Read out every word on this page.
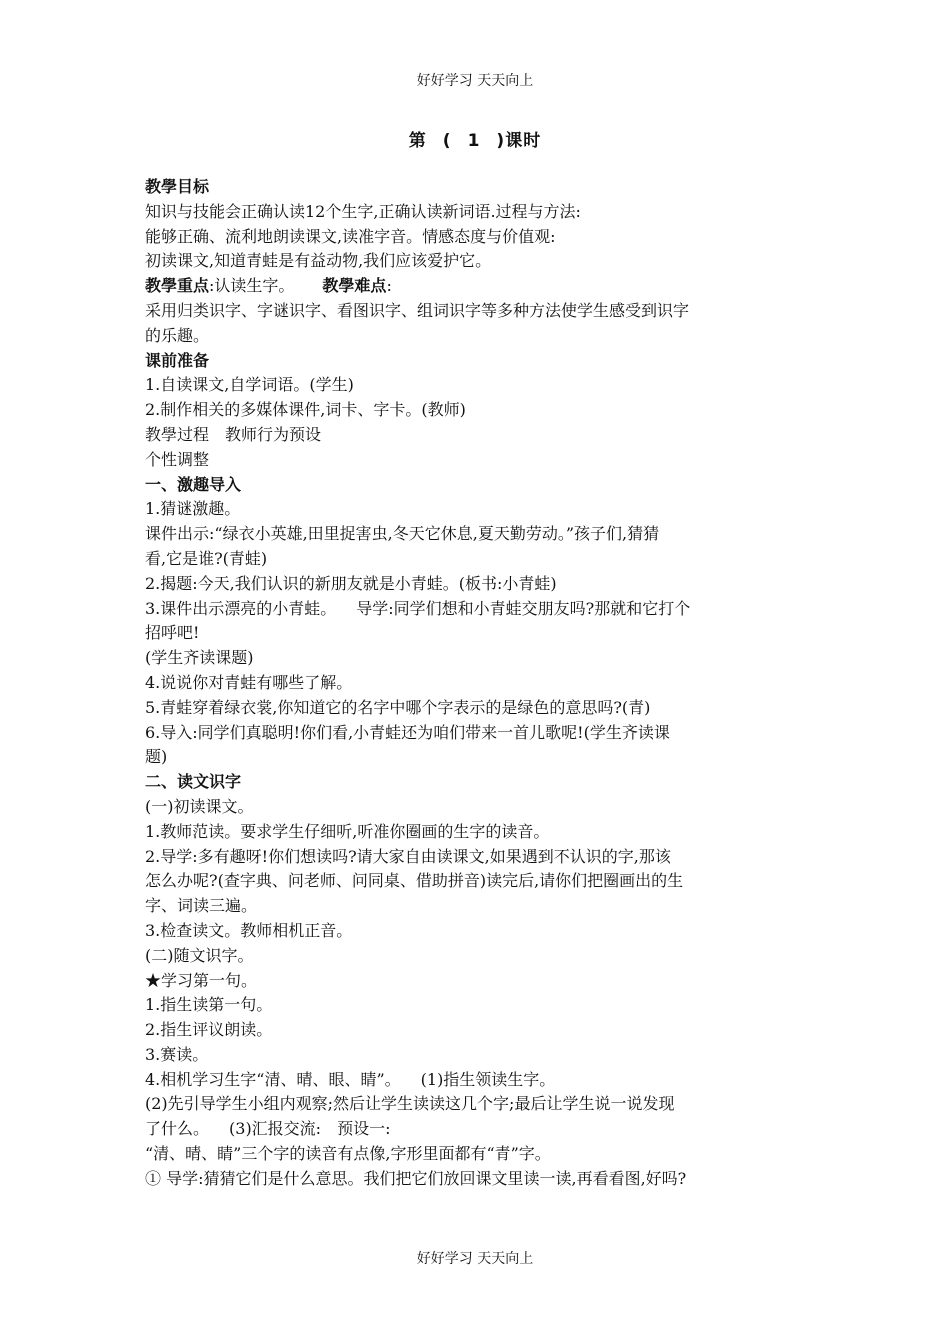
好好学习 天天向上
第 ( 1 )课时
教學目标
知识与技能会正确认读12个生字,正确认读新词语.过程与方法:
能够正确、流利地朗读课文,读准字音。情感态度与价值观:
初读课文,知道青蛙是有益动物,我们应该爱护它。
教學重点:认读生字。 教學难点:
采用归类识字、字谜识字、看图识字、组词识字等多种方法使学生感受到识字
的乐趣。
课前准备
1.自读课文,自学词语。(学生)
2.制作相关的多媒体课件,词卡、字卡。(教师)
教學过程 教师行为预设
个性调整
一、激趣导入
1.猜谜激趣。
课件出示:“绿衣小英雄,田里捉害虫,冬天它休息,夏天勤劳动。”孩子们,猜猜
看,它是谁?(青蛙)
2.揭题:今天,我们认识的新朋友就是小青蛙。(板书:小青蛙)
3.课件出示漂亮的小青蛙。 导学:同学们想和小青蛙交朋友吗?那就和它打个
招呼吧!
(学生齐读课题)
4.说说你对青蛙有哪些了解。
5.青蛙穿着绿衣裳,你知道它的名字中哪个字表示的是绿色的意思吗?(青)
6.导入:同学们真聪明!你们看,小青蛙还为咱们带来一首儿歌呢!(学生齐读课
题)
二、读文识字
(一)初读课文。
1.教师范读。要求学生仔细听,听准你圈画的生字的读音。
2.导学:多有趣呀!你们想读吗?请大家自由读课文,如果遇到不认识的字,那该
怎么办呢?(查字典、问老师、问同桌、借助拼音)读完后,请你们把圈画出的生
字、词读三遍。
3.检查读文。教师相机正音。
(二)随文识字。
★学习第一句。
1.指生读第一句。
2.指生评议朗读。
3.赛读。
4.相机学习生字“清、晴、眼、睛”。 (1)指生领读生字。
(2)先引导学生小组内观察;然后让学生读读这几个字;最后让学生说一说发现
了什么。 (3)汇报交流: 预设一:
“清、晴、睛”三个字的读音有点像,字形里面都有“青”字。
① 导学:猜猜它们是什么意思。我们把它们放回课文里读一读,再看看图,好吗?
好好学习 天天向上
